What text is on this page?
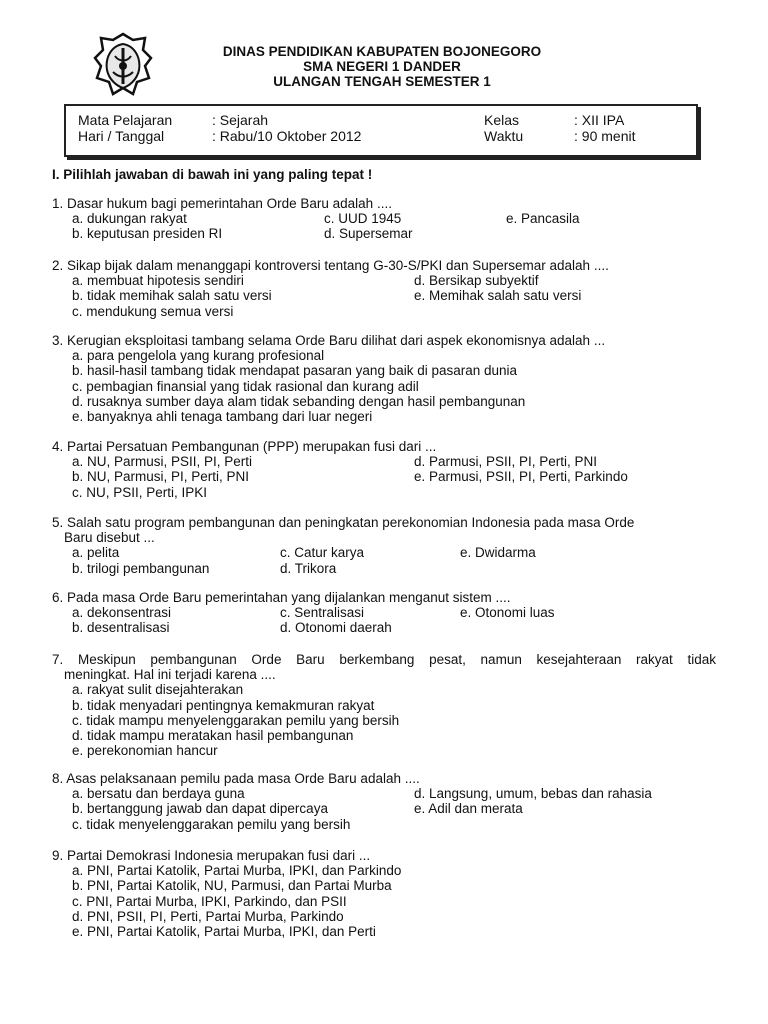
DINAS PENDIDIKAN KABUPATEN BOJONEGORO
SMA NEGERI 1 DANDER
ULANGAN TENGAH SEMESTER 1
Mata Pelajaran	: Sejarah	Kelas	: XII IPA
Hari / Tanggal	: Rabu/10 Oktober 2012	Waktu	: 90 menit
I. Pilihlah jawaban di bawah ini yang paling tepat !
1. Dasar hukum bagi pemerintahan Orde Baru adalah ....
a. dukungan rakyat	c. UUD 1945	e. Pancasila
b. keputusan presiden RI	d. Supersemar
2. Sikap bijak dalam menanggapi kontroversi tentang G-30-S/PKI dan Supersemar adalah ....
a. membuat hipotesis sendiri	d. Bersikap subyektif
b. tidak memihak salah satu versi	e. Memihak salah satu versi
c. mendukung semua versi
3. Kerugian eksploitasi tambang selama Orde Baru dilihat dari aspek ekonomisnya adalah ...
a. para pengelola yang kurang profesional
b. hasil-hasil tambang tidak mendapat pasaran yang baik di pasaran dunia
c. pembagian finansial yang tidak rasional dan kurang adil
d. rusaknya sumber daya alam tidak sebanding dengan hasil pembangunan
e. banyaknya ahli tenaga tambang dari luar negeri
4. Partai Persatuan Pembangunan (PPP) merupakan fusi dari ...
a. NU, Parmusi, PSII, PI, Perti	d. Parmusi, PSII, PI, Perti, PNI
b. NU, Parmusi, PI, Perti, PNI	e. Parmusi, PSII, PI, Perti, Parkindo
c. NU, PSII, Perti, IPKI
5. Salah satu program pembangunan dan peningkatan perekonomian Indonesia pada masa Orde
Baru disebut ...
a. pelita	c. Catur karya	e. Dwidarma
b. trilogi pembangunan	d. Trikora
6. Pada masa Orde Baru pemerintahan yang dijalankan menganut sistem ....
a. dekonsentrasi	c. Sentralisasi	e. Otonomi luas
b. desentralisasi	d. Otonomi daerah
7. Meskipun pembangunan Orde Baru berkembang pesat, namun kesejahteraan rakyat tidak
meningkat. Hal ini terjadi karena ....
a. rakyat sulit disejahterakan
b. tidak menyadari pentingnya kemakmuran rakyat
c. tidak mampu menyelenggarakan pemilu yang bersih
d. tidak mampu meratakan hasil pembangunan
e. perekonomian hancur
8. Asas pelaksanaan pemilu pada masa Orde Baru adalah ....
a. bersatu dan berdaya guna	d. Langsung, umum, bebas dan rahasia
b. bertanggung jawab dan dapat dipercaya	e. Adil dan merata
c. tidak menyelenggarakan pemilu yang bersih
9. Partai Demokrasi Indonesia merupakan fusi dari ...
a. PNI, Partai Katolik, Partai Murba, IPKI, dan Parkindo
b. PNI, Partai Katolik, NU, Parmusi, dan Partai Murba
c. PNI, Partai Murba, IPKI, Parkindo, dan PSII
d. PNI, PSII, PI, Perti, Partai Murba, Parkindo
e. PNI, Partai Katolik, Partai Murba, IPKI, dan Perti
